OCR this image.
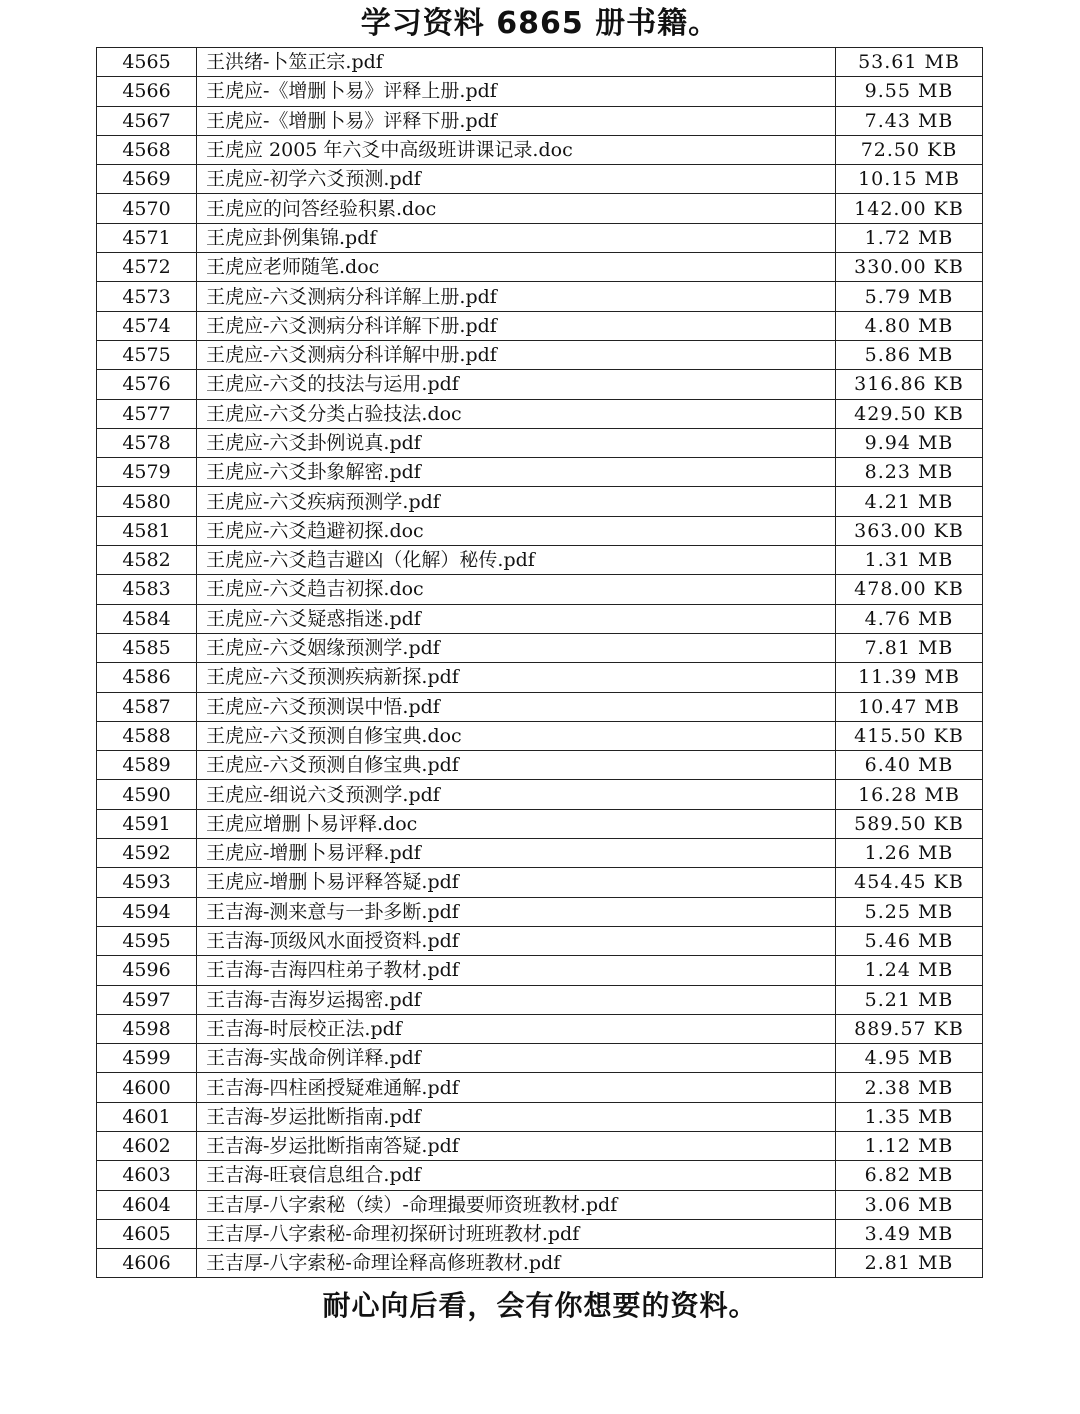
学习资料 6865 册书籍。
4565	王洪绪-卜筮正宗.pdf	53.61 MB
4566	王虎应-《增删卜易》评释上册.pdf	9.55 MB
4567	王虎应-《增删卜易》评释下册.pdf	7.43 MB
4568	王虎应 2005 年六爻中高级班讲课记录.doc	72.50 KB
4569	王虎应-初学六爻预测.pdf	10.15 MB
4570	王虎应的问答经验积累.doc	142.00 KB
4571	王虎应卦例集锦.pdf	1.72 MB
4572	王虎应老师随笔.doc	330.00 KB
4573	王虎应-六爻测病分科详解上册.pdf	5.79 MB
4574	王虎应-六爻测病分科详解下册.pdf	4.80 MB
4575	王虎应-六爻测病分科详解中册.pdf	5.86 MB
4576	王虎应-六爻的技法与运用.pdf	316.86 KB
4577	王虎应-六爻分类占验技法.doc	429.50 KB
4578	王虎应-六爻卦例说真.pdf	9.94 MB
4579	王虎应-六爻卦象解密.pdf	8.23 MB
4580	王虎应-六爻疾病预测学.pdf	4.21 MB
4581	王虎应-六爻趋避初探.doc	363.00 KB
4582	王虎应-六爻趋吉避凶（化解）秘传.pdf	1.31 MB
4583	王虎应-六爻趋吉初探.doc	478.00 KB
4584	王虎应-六爻疑惑指迷.pdf	4.76 MB
4585	王虎应-六爻姻缘预测学.pdf	7.81 MB
4586	王虎应-六爻预测疾病新探.pdf	11.39 MB
4587	王虎应-六爻预测误中悟.pdf	10.47 MB
4588	王虎应-六爻预测自修宝典.doc	415.50 KB
4589	王虎应-六爻预测自修宝典.pdf	6.40 MB
4590	王虎应-细说六爻预测学.pdf	16.28 MB
4591	王虎应增删卜易评释.doc	589.50 KB
4592	王虎应-增删卜易评释.pdf	1.26 MB
4593	王虎应-增删卜易评释答疑.pdf	454.45 KB
4594	王吉海-测来意与一卦多断.pdf	5.25 MB
4595	王吉海-顶级风水面授资料.pdf	5.46 MB
4596	王吉海-吉海四柱弟子教材.pdf	1.24 MB
4597	王吉海-吉海岁运揭密.pdf	5.21 MB
4598	王吉海-时辰校正法.pdf	889.57 KB
4599	王吉海-实战命例详释.pdf	4.95 MB
4600	王吉海-四柱函授疑难通解.pdf	2.38 MB
4601	王吉海-岁运批断指南.pdf	1.35 MB
4602	王吉海-岁运批断指南答疑.pdf	1.12 MB
4603	王吉海-旺衰信息组合.pdf	6.82 MB
4604	王吉厚-八字索秘（续）-命理撮要师资班教材.pdf	3.06 MB
4605	王吉厚-八字索秘-命理初探研讨班班教材.pdf	3.49 MB
4606	王吉厚-八字索秘-命理诠释高修班教材.pdf	2.81 MB
耐心向后看，会有你想要的资料。
